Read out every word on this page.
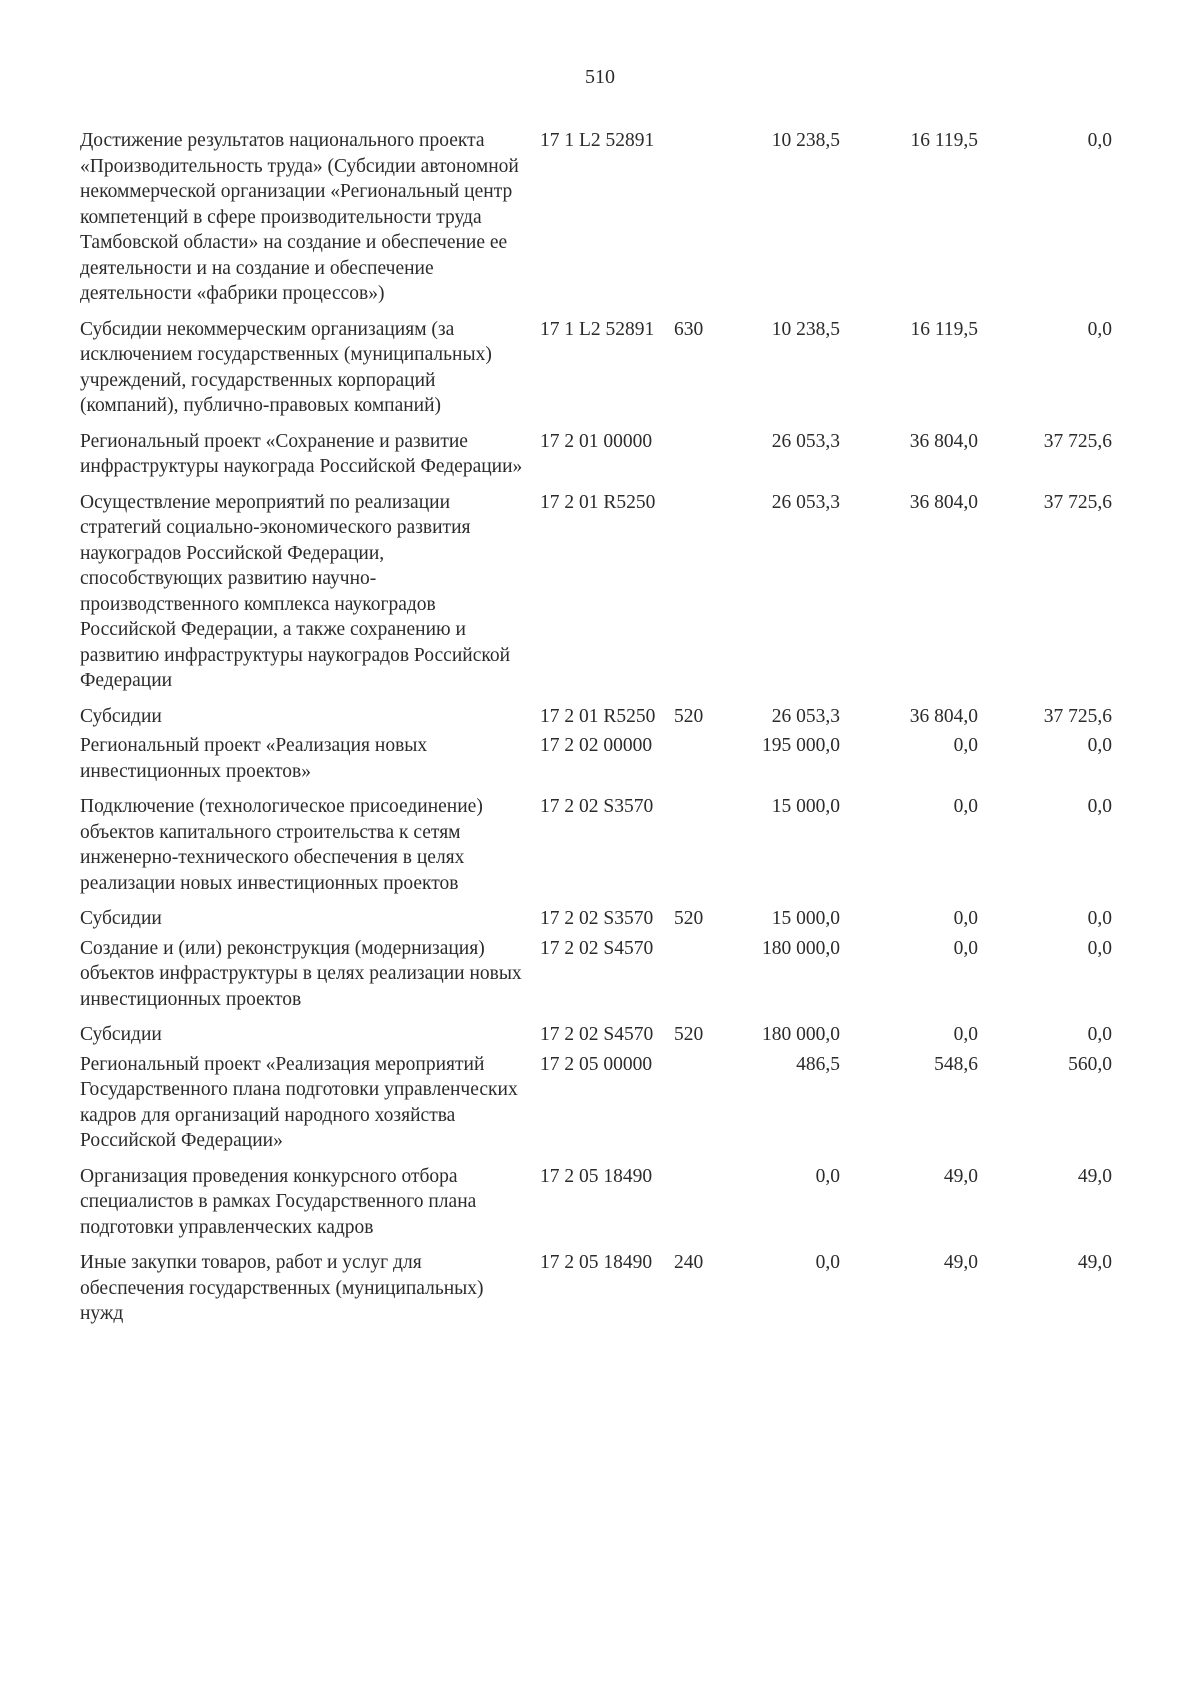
510
Достижение результатов национального проекта «Производительность труда» (Субсидии автономной некоммерческой организации «Региональный центр компетенций в сфере производительности труда Тамбовской области» на создание и обеспечение ее деятельности и на создание и обеспечение деятельности «фабрики процессов»)
17 1 L2 52891	10 238,5	16 119,5	0,0
Субсидии некоммерческим организациям (за исключением государственных (муниципальных) учреждений, государственных корпораций (компаний), публично-правовых компаний)
17 1 L2 52891	630	10 238,5	16 119,5	0,0
Региональный проект «Сохранение и развитие инфраструктуры наукограда Российской Федерации»
17 2 01 00000	26 053,3	36 804,0	37 725,6
Осуществление мероприятий по реализации стратегий социально-экономического развития наукоградов Российской Федерации, способствующих развитию научно-производственного комплекса наукоградов Российской Федерации, а также сохранению и развитию инфраструктуры наукоградов Российской Федерации
17 2 01 R5250	26 053,3	36 804,0	37 725,6
Субсидии	17 2 01 R5250 520	26 053,3	36 804,0	37 725,6
Региональный проект «Реализация новых инвестиционных проектов»
17 2 02 00000	195 000,0	0,0	0,0
Подключение (технологическое присоединение) объектов капитального строительства к сетям инженерно-технического обеспечения в целях реализации новых инвестиционных проектов
17 2 02 S3570	15 000,0	0,0	0,0
Субсидии	17 2 02 S3570	520	15 000,0	0,0	0,0
Создание и (или) реконструкция (модернизация) объектов инфраструктуры в целях реализации новых инвестиционных проектов
17 2 02 S4570	180 000,0	0,0	0,0
Субсидии	17 2 02 S4570	520	180 000,0	0,0	0,0
Региональный проект «Реализация мероприятий Государственного плана подготовки управленческих кадров для организаций народного хозяйства Российской Федерации»
17 2 05 00000	486,5	548,6	560,0
Организация проведения конкурсного отбора специалистов в рамках Государственного плана подготовки управленческих кадров
17 2 05 18490	0,0	49,0	49,0
Иные закупки товаров, работ и услуг для обеспечения государственных (муниципальных) нужд
17 2 05 18490	240	0,0	49,0	49,0
